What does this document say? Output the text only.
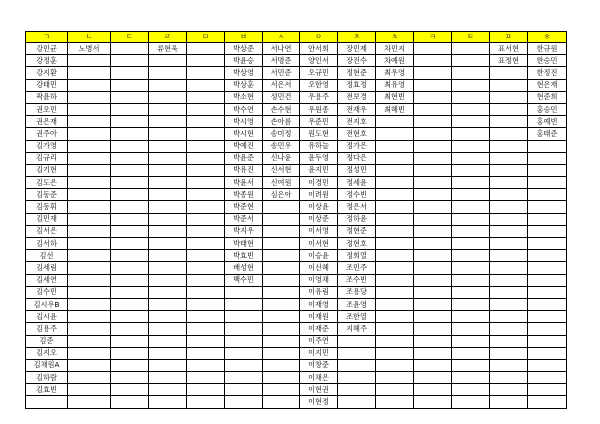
ㄱ	ㄴ	ㄷ	ㄹ	ㅁ	ㅂ	ㅅ	ㅇ	ㅈ	ㅊ	ㅋ	ㅌ	ㅍ	ㅎ
강민균	노병서		류현욱		박상준	서나연	안서희	장민제	차민지			표서현	한규원
강정훈					박윤승	서명준	양인서	장진수	차예원			표정현	한승민
강지환					박상영	서민준	오규민	정현준	최우영				한정진
강태민					박상훈	서은서	오한영	정효정	최유영				현은재
곽윤하					박소현	성민건	우용주	전보경	최현빈				현준희
권오민					박수연	손수현	우원종	전재우	최혜빈				홍승민
권은재					박시영	손아름	우준민	전지호					홍예빈
권주아					박시현	송미정	원도현	전현호					홍태준
김가영					박예진	송민우	유하늘	정가은					
김규리					박윤준	신나윤	윤두영	정다은					
김기현					박유진	신서현	윤지민	정성민					
김도은					박윤서	신여원	이경민	정세윤					
김동준					박종원	심은아	이려원	정수빈					
김동휘					박준현		이상윤	정은서					
김민재					박준서		이상준	정하윤					
김서은					박지우		이서영	정현준					
김서하					박태현		이서현	정현호					
김선					박효빈		이승윤	정희열					
김세림					배성현		이신혜	조민주					
김세연					백수민		이영채	조수빈					
김수민							이유림	조용당					
김시우B							이재영	조윤영					
김시윤							이재원	조한열					
김용주							이재준	지혜주					
김준							이주연						
김지오							이지민						
김채원A							이창준						
김하람							이채은						
김효빈							이현권						
							이현정						
